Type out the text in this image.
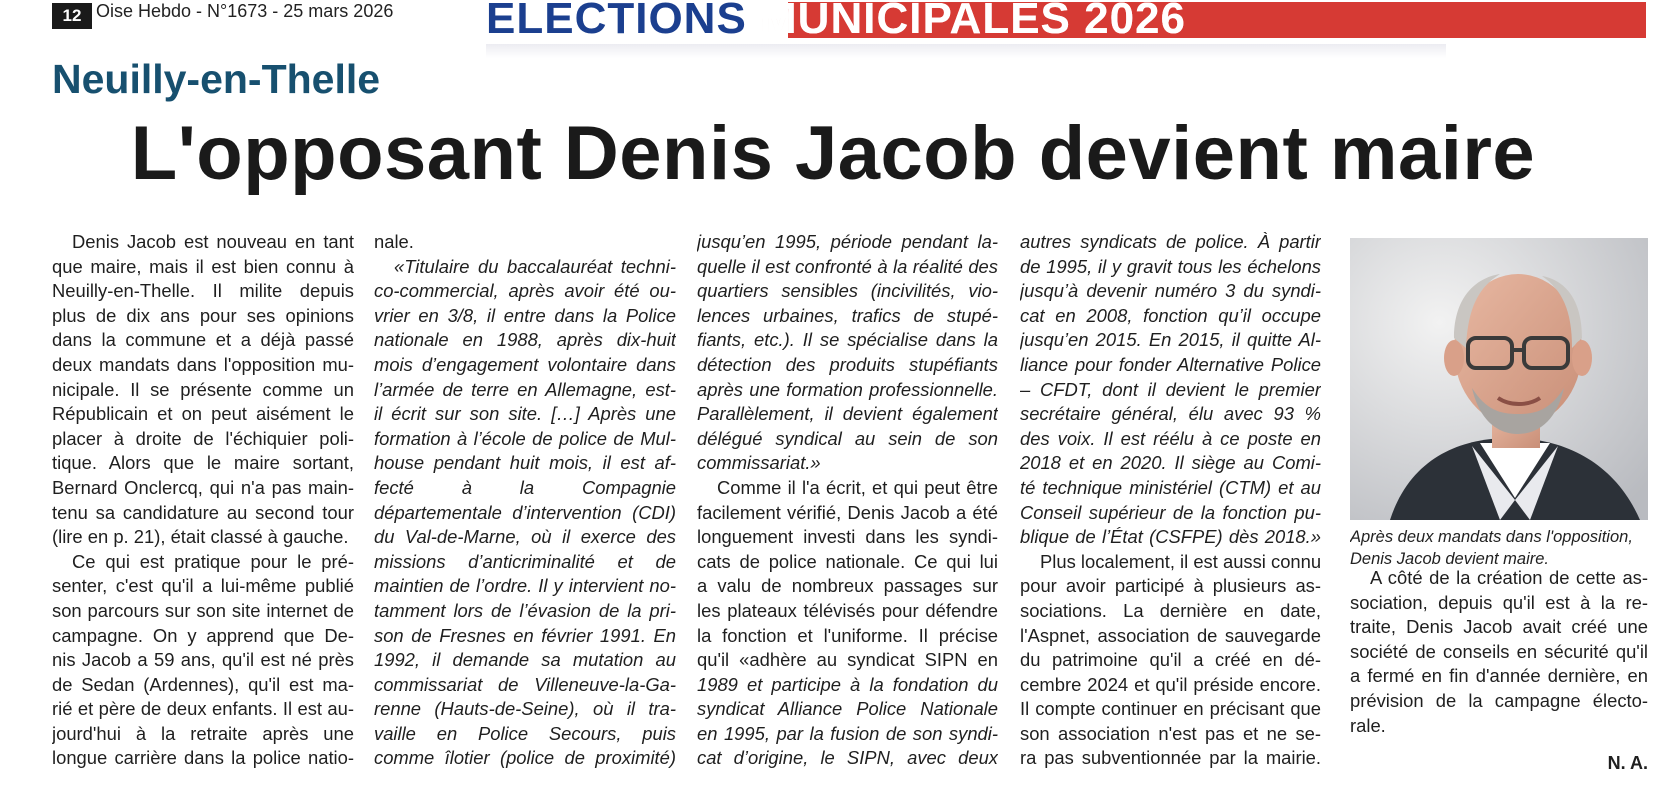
12 Oise Hebdo - N°1673 - 25 mars 2026 ELECTIONS MUNICIPALES 2026
Neuilly-en-Thelle
L'opposant Denis Jacob devient maire
Denis Jacob est nouveau en tant
que maire, mais il est bien connu à
Neuilly-en-Thelle. Il milite depuis
plus de dix ans pour ses opinions
dans la commune et a déjà passé
deux mandats dans l'opposition mu-
nicipale. Il se présente comme un
Républicain et on peut aisément le
placer à droite de l'échiquier poli-
tique. Alors que le maire sortant,
Bernard Onclercq, qui n'a pas main-
tenu sa candidature au second tour
(lire en p. 21), était classé à gauche.
Ce qui est pratique pour le pré-
senter, c'est qu'il a lui-même publié
son parcours sur son site internet de
campagne. On y apprend que De-
nis Jacob a 59 ans, qu'il est né près
de Sedan (Ardennes), qu'il est ma-
rié et père de deux enfants. Il est au-
jourd'hui à la retraite après une
longue carrière dans la police natio-
nale.
«Titulaire du baccalauréat techni-
co-commercial, après avoir été ou-
vrier en 3/8, il entre dans la Police
nationale en 1988, après dix-huit
mois d’engagement volontaire dans
l’armée de terre en Allemagne, est-
il écrit sur son site. […] Après une
formation à l’école de police de Mul-
house pendant huit mois, il est af-
fecté à la Compagnie
départementale d’intervention (CDI)
du Val-de-Marne, où il exerce des
missions d’anticriminalité et de
maintien de l’ordre. Il y intervient no-
tamment lors de l’évasion de la pri-
son de Fresnes en février 1991. En
1992, il demande sa mutation au
commissariat de Villeneuve-la-Ga-
renne (Hauts-de-Seine), où il tra-
vaille en Police Secours, puis
comme îlotier (police de proximité)
jusqu’en 1995, période pendant la-
quelle il est confronté à la réalité des
quartiers sensibles (incivilités, vio-
lences urbaines, trafics de stupé-
fiants, etc.). Il se spécialise dans la
détection des produits stupéfiants
après une formation professionnelle.
Parallèlement, il devient également
délégué syndical au sein de son
commissariat.»
Comme il l'a écrit, et qui peut être
facilement vérifié, Denis Jacob a été
longuement investi dans les syndi-
cats de police nationale. Ce qui lui
a valu de nombreux passages sur
les plateaux télévisés pour défendre
la fonction et l'uniforme. Il précise
qu'il «adhère au syndicat SIPN en
1989 et participe à la fondation du
syndicat Alliance Police Nationale
en 1995, par la fusion de son syndi-
cat d’origine, le SIPN, avec deux
autres syndicats de police. À partir
de 1995, il y gravit tous les échelons
jusqu’à devenir numéro 3 du syndi-
cat en 2008, fonction qu’il occupe
jusqu’en 2015. En 2015, il quitte Al-
liance pour fonder Alternative Police
– CFDT, dont il devient le premier
secrétaire général, élu avec 93 %
des voix. Il est réélu à ce poste en
2018 et en 2020. Il siège au Comi-
té technique ministériel (CTM) et au
Conseil supérieur de la fonction pu-
blique de l’État (CSFPE) dès 2018.»
Plus localement, il est aussi connu
pour avoir participé à plusieurs as-
sociations. La dernière en date,
l'Aspnet, association de sauvegarde
du patrimoine qu'il a créé en dé-
cembre 2024 et qu'il préside encore.
Il compte continuer en précisant que
son association n'est pas et ne se-
ra pas subventionnée par la mairie.
Après deux mandats dans l'opposition,
Denis Jacob devient maire.
A côté de la création de cette as-
sociation, depuis qu'il est à la re-
traite, Denis Jacob avait créé une
société de conseils en sécurité qu'il
a fermé en fin d'année dernière, en
prévision de la campagne électo-
rale.
N. A.
